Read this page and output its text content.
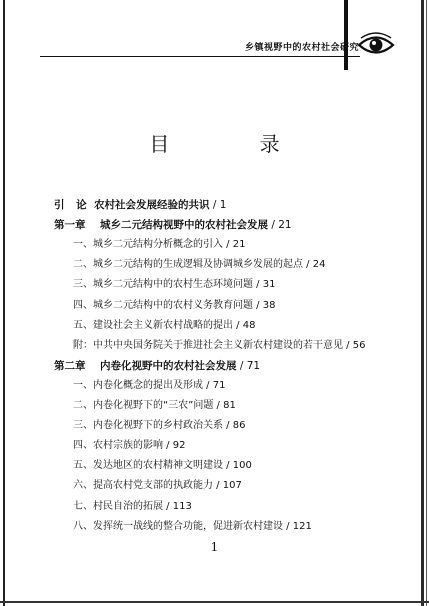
乡镇视野中的农村社会研究
目 录
引 论 农村社会发展经验的共识 / 1
第一章 城乡二元结构视野中的农村社会发展 / 21
一、城乡二元结构分析概念的引入 / 21
二、城乡二元结构的生成逻辑及协调城乡发展的起点 / 24
三、城乡二元结构中的农村生态环境问题 / 31
四、城乡二元结构中的农村义务教育问题 / 38
五、建设社会主义新农村战略的提出 / 48
附：中共中央国务院关于推进社会主义新农村建设的若干意见 / 56
第二章 内卷化视野中的农村社会发展 / 71
一、内卷化概念的提出及形成 / 71
二、内卷化视野下的“三农”问题 / 81
三、内卷化视野下的乡村政治关系 / 86
四、农村宗族的影响 / 92
五、发达地区的农村精神文明建设 / 100
六、提高农村党支部的执政能力 / 107
七、村民自治的拓展 / 113
八、发挥统一战线的整合功能，促进新农村建设 / 121
1
